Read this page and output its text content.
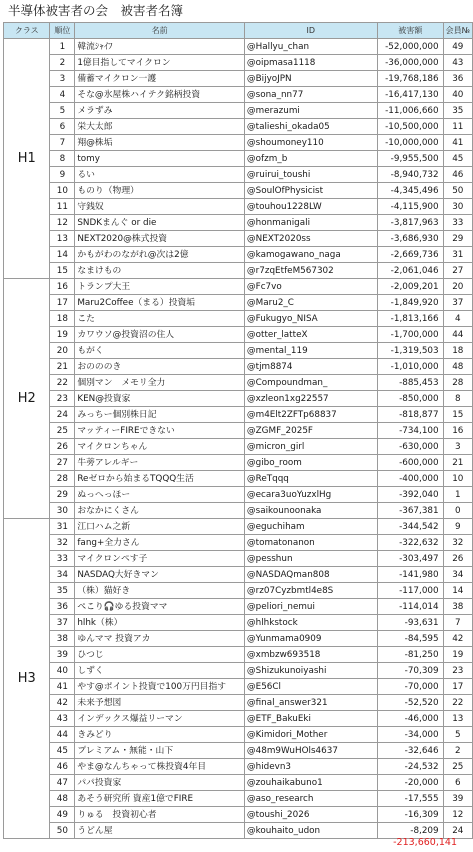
半導体被害者の会　被害者名簿
クラス	順位	名前	ID	被害額	会員№
H1	1	韓流ｼｬｲﾌ	@Hallyu_chan	-52,000,000	49
	2	1億目指してマイクロン	@oipmasa1118	-36,000,000	43
	3	備蓄マイクロン一護	@BijyoJPN	-19,768,186	36
	4	そな@氷屋株ハイテク銘柄投資	@sona_nn77	-16,417,130	40
	5	メラずみ	@merazumi	-11,006,660	35
	6	栄大太郎	@talieshi_okada05	-10,500,000	11
	7	翔@株垢	@shoumoney110	-10,000,000	41
	8	tomy	@ofzm_b	-9,955,500	45
	9	るい	@ruirui_toushi	-8,940,732	46
	10	ものり（物理）	@SoulOfPhysicist	-4,345,496	50
	11	守銭奴	@touhou1228LW	-4,115,900	30
	12	SNDKまんぐ or die	@honmanigali	-3,817,963	33
	13	NEXT2020@株式投資	@NEXT2020ss	-3,686,930	29
	14	かもがわのながれ@次は2億	@kamogawano_naga	-2,669,736	31
	15	なまけもの	@r7zqEtfeM567302	-2,061,046	27
H2	16	トランプ大王	@Fc7vo	-2,009,201	20
	17	Maru2Coffee（まる）投資垢	@Maru2_C	-1,849,920	37
	18	こた	@Fukugyo_NISA	-1,813,166	4
	19	カワウソ@投資沼の住人	@otter_latteX	-1,700,000	44
	20	もがく	@mental_119	-1,319,503	18
	21	おのののき	@tjm8874	-1,010,000	48
	22	個別マン　メモリ全力	@Compoundman_	-885,453	28
	23	KEN@投資家	@xzleon1xg22557	-850,000	8
	24	みっちー個別株日記	@m4Elt2ZFTp68837	-818,877	15
	25	マッティーFIREできない	@ZGMF_2025F	-734,100	16
	26	マイクロンちゃん	@micron_girl	-630,000	3
	27	牛蒡アレルギー	@gibo_room	-600,000	21
	28	Reゼロから始まるTQQQ生活	@ReTqqq	-400,000	10
	29	ぬっへっほー	@ecara3uoYuzxlHg	-392,040	1
	30	おなかにくさん	@saikounoonaka	-367,381	0
H3	31	江口ハム之新	@eguchiham	-344,542	9
	32	fang+全力さん	@tomatonanon	-322,632	32
	33	マイクロンペす子	@pesshun	-303,497	26
	34	NASDAQ大好きマン	@NASDAQman808	-141,980	34
	35	（株）猫好き	@rz07Cyzbmtl4e8S	-117,000	14
	36	ぺこり🎧ゆる投資ママ	@peliori_nemui	-114,014	38
	37	hlhk（株）	@hlhkstock	-93,631	7
	38	ゆんママ 投資アカ	@Yunmama0909	-84,595	42
	39	ひつじ	@xmbzw693518	-81,250	19
	40	しずく	@Shizukunoiyashi	-70,309	23
	41	やす@ポイント投資で100万円目指す	@E56Cl	-70,000	17
	42	未来予想図	@final_answer321	-52,520	22
	43	インデックス爆益リーマン	@ETF_BakuEki	-46,000	13
	44	きみどり	@Kimidori_Mother	-34,000	5
	45	プレミアム・無能・山下	@48m9WuHOls4637	-32,646	2
	46	やま@なんちゃって株投資4年目	@hidevn3	-24,532	25
	47	パパ投資家	@zouhaikabuno1	-20,000	6
	48	あそう研究所 資産1億でFIRE	@aso_research	-17,555	39
	49	りゅる　投資初心者	@toushi_2026	-16,309	12
	50	うどん屋	@kouhaito_udon	-8,209	24
-213,660,141
